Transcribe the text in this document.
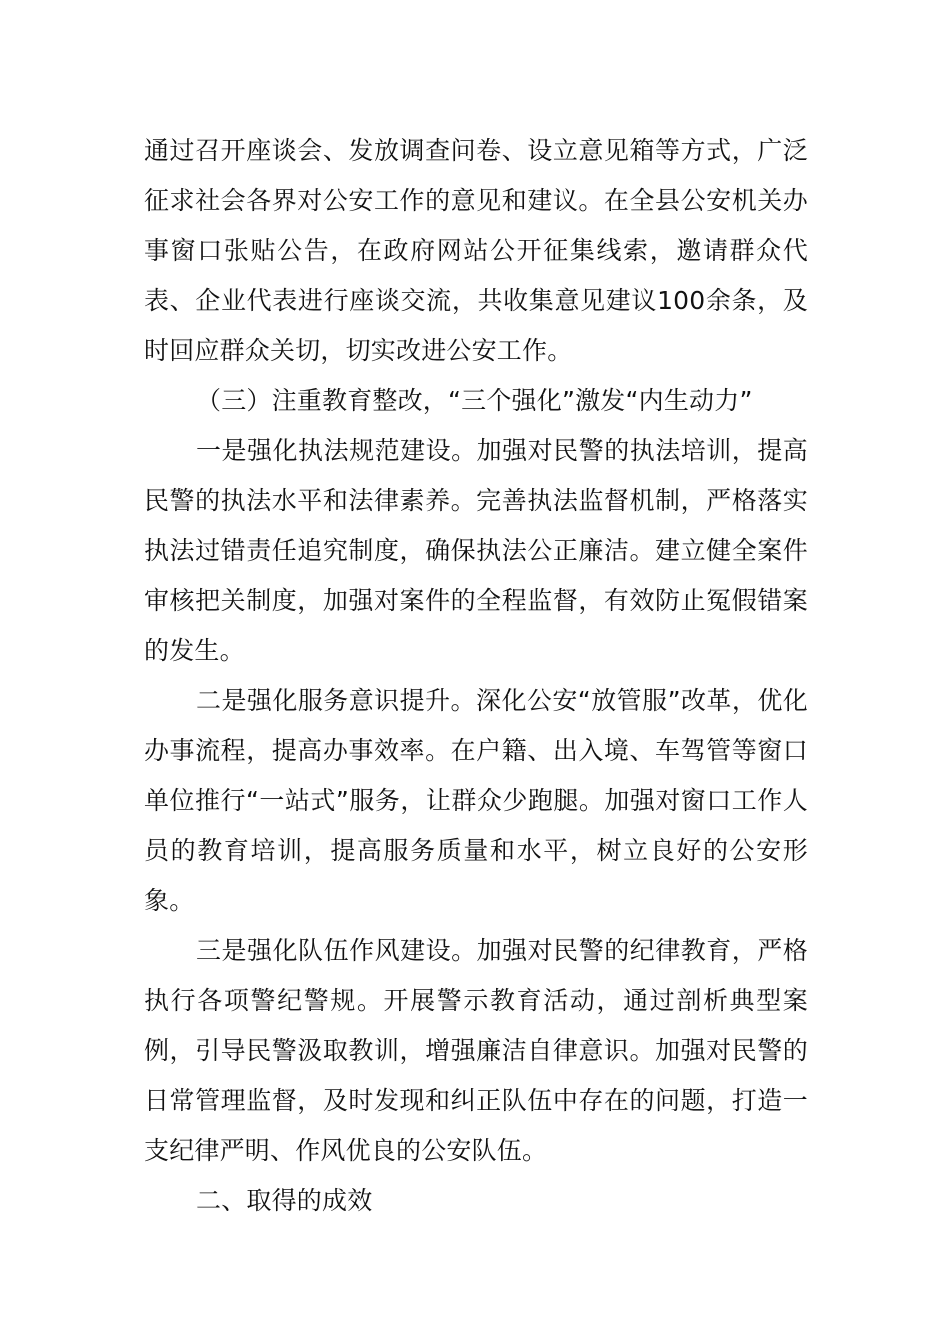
通过召开座谈会、发放调查问卷、设立意见箱等方式，广泛征求社会各界对公安工作的意见和建议。在全县公安机关办事窗口张贴公告，在政府网站公开征集线索，邀请群众代表、企业代表进行座谈交流，共收集意见建议100余条，及时回应群众关切，切实改进公安工作。

（三）注重教育整改，“三个强化”激发“内生动力”

一是强化执法规范建设。加强对民警的执法培训，提高民警的执法水平和法律素养。完善执法监督机制，严格落实执法过错责任追究制度，确保执法公正廉洁。建立健全案件审核把关制度，加强对案件的全程监督，有效防止冤假错案的发生。

二是强化服务意识提升。深化公安“放管服”改革，优化办事流程，提高办事效率。在户籍、出入境、车驾管等窗口单位推行“一站式”服务，让群众少跑腿。加强对窗口工作人员的教育培训，提高服务质量和水平，树立良好的公安形象。

三是强化队伍作风建设。加强对民警的纪律教育，严格执行各项警纪警规。开展警示教育活动，通过剖析典型案例，引导民警汲取教训，增强廉洁自律意识。加强对民警的日常管理监督，及时发现和纠正队伍中存在的问题，打造一支纪律严明、作风优良的公安队伍。

二、取得的成效
